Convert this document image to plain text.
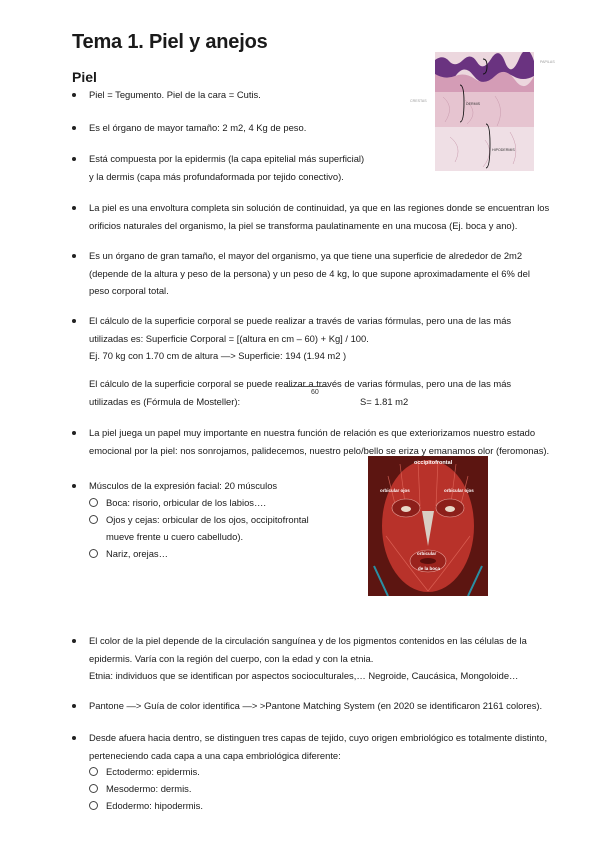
Tema 1. Piel y anejos
Piel
DERMIS
HIPODERMIS
PAPILAS
CRESTAS
Piel = Tegumento. Piel de la cara = Cutis.
Es el órgano de mayor tamaño: 2 m2, 4 Kg de peso.
Está compuesta por la epidermis (la capa epitelial más superficial)
y la dermis (capa más profundaformada por tejido conectivo).
La piel es una envoltura completa sin solución de continuidad, ya que en las regiones donde se encuentran los
orificios naturales del organismo, la piel se transforma paulatinamente en una mucosa (Ej. boca y ano).
Es un órgano de gran tamaño, el mayor del organismo, ya que tiene una superficie de alrededor de 2m2
(depende de la altura y peso de la persona) y un peso de 4 kg, lo que supone aproximadamente el 6% del
peso corporal total.
El cálculo de la superficie corporal se puede realizar a través de varias fórmulas, pero una de las más
utilizadas es: Superficie Corporal = [(altura en cm – 60) + Kg] / 100.
Ej. 70 kg con 1.70 cm de altura —> Superficie: 194 (1.94 m2 )
El cálculo de la superficie corporal se puede realizar a través de varias fórmulas, pero una de las más
utilizadas es (Fórmula de Mosteller):
60
S= 1.81 m2
La piel juega un papel muy importante en nuestra función de relación es que exteriorizamos nuestro estado
emocional por la piel: nos sonrojamos, palidecemos, nuestro pelo/bello se eriza y emanamos olor (feromonas).
occipitofrontal
orbicular ojos	orbicular ojos
orbicular
de la boca
Músculos de la expresión facial: 20 músculos
Boca: risorio, orbicular de los labios….
Ojos y cejas: orbicular de los ojos, occipitofrontal
mueve frente u cuero cabelludo).
Nariz, orejas…
El color de la piel depende de la circulación sanguínea y de los pigmentos contenidos en las células de la
epidermis. Varía con la región del cuerpo, con la edad y con la etnia.
Etnia: individuos que se identifican por aspectos socioculturales,… Negroide, Caucásica, Mongoloide…
Pantone —> Guía de color identifica —> >Pantone Matching System (en 2020 se identificaron 2161 colores).
Desde afuera hacia dentro, se distinguen tres capas de tejido, cuyo origen embriológico es totalmente distinto,
perteneciendo cada capa a una capa embriológica diferente:
Ectodermo: epidermis.
Mesodermo: dermis.
Edodermo: hipodermis.
